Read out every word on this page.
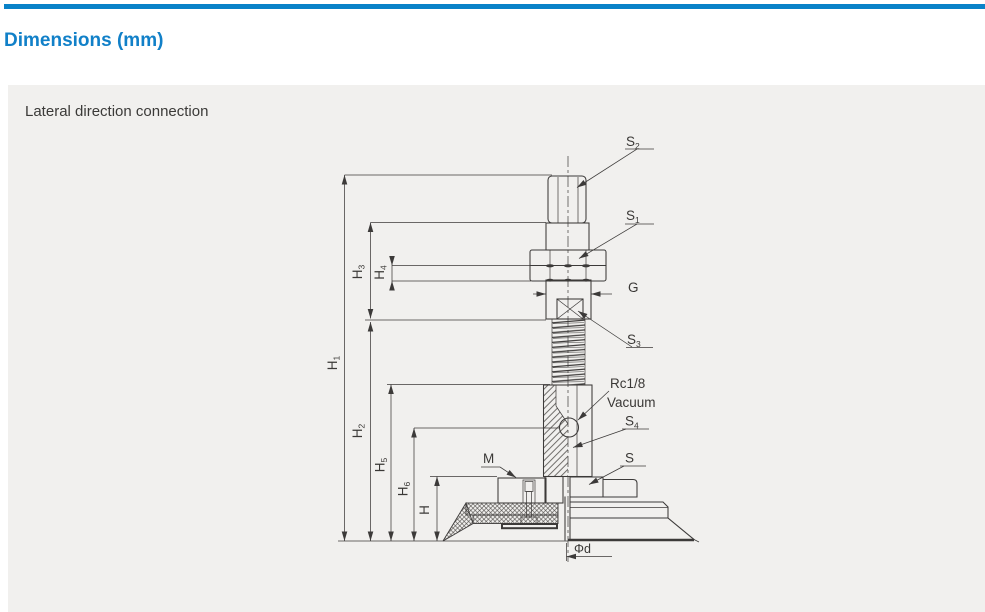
Dimensions (mm)
Lateral direction connection
$S_2$
$S_1$
G
$S_3$
Rc1/8
Vacuum
$S_4$
S
M
Φd
H1
H3
H4
H2
H5
H6
H
